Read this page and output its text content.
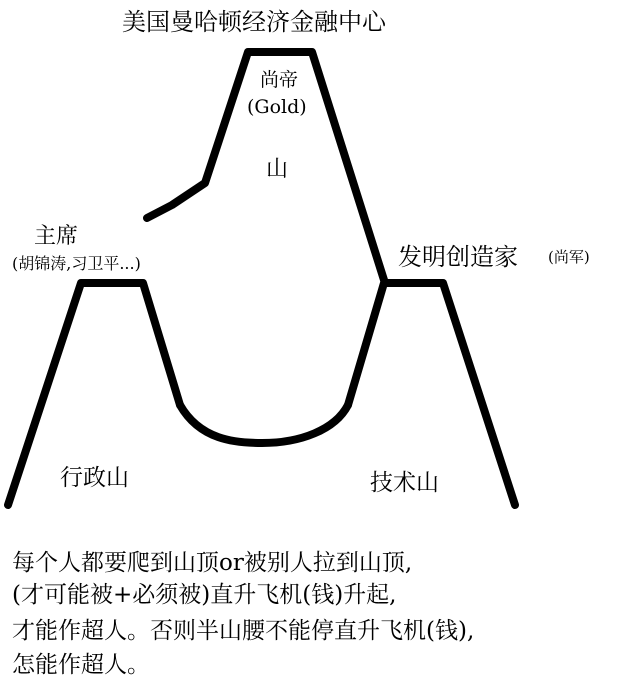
美国曼哈顿经济金融中心
尚帝
(Gold)
山
主席
(胡锦涛,习卫平...)	发明创造家 (尚军)
行政山	技术山
每个人都要爬到山顶or被别人拉到山顶,
(才可能被+必须被)直升飞机(钱)升起,
才能作超人。否则半山腰不能停直升飞机(钱),
怎能作超人。
